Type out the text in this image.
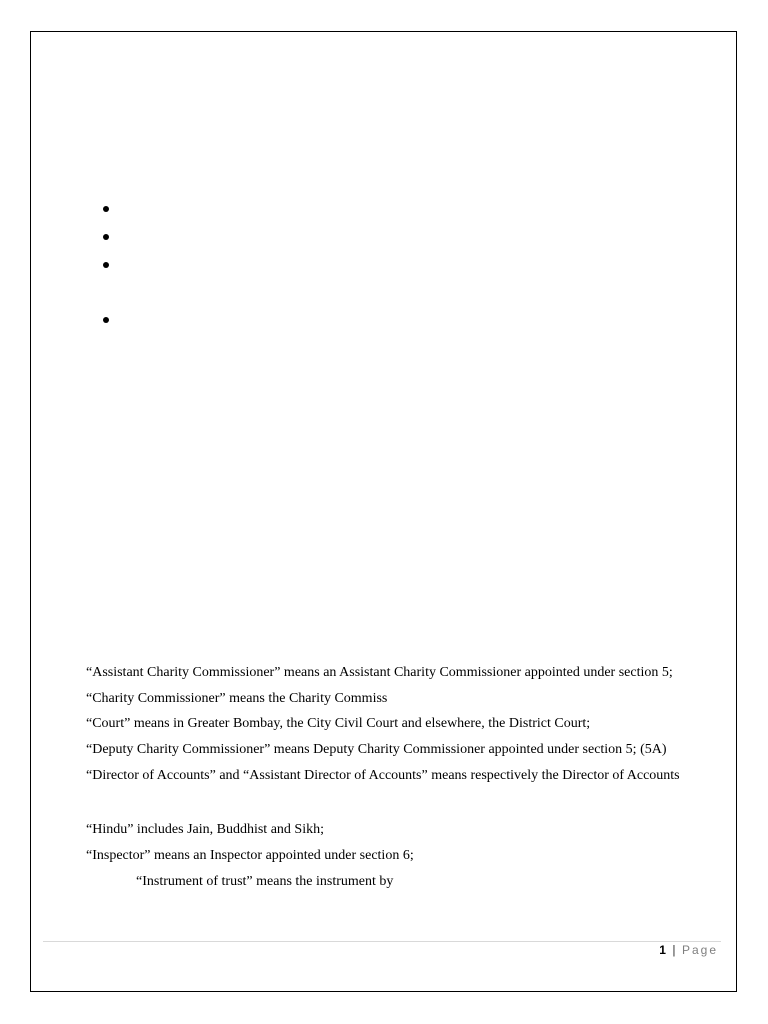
“Assistant Charity Commissioner” means an Assistant Charity Commissioner appointed under section 5;
“Charity Commissioner” means the Charity Commiss
“Court” means in Greater Bombay, the City Civil Court and elsewhere, the District Court;
“Deputy Charity Commissioner” means Deputy Charity Commissioner appointed under section 5; (5A)
“Director of Accounts” and “Assistant Director of Accounts” means respectively the Director of Accounts
“Hindu” includes Jain, Buddhist and Sikh;
“Inspector” means an Inspector appointed under section 6;
“Instrument of trust” means the instrument by
1 | Page
